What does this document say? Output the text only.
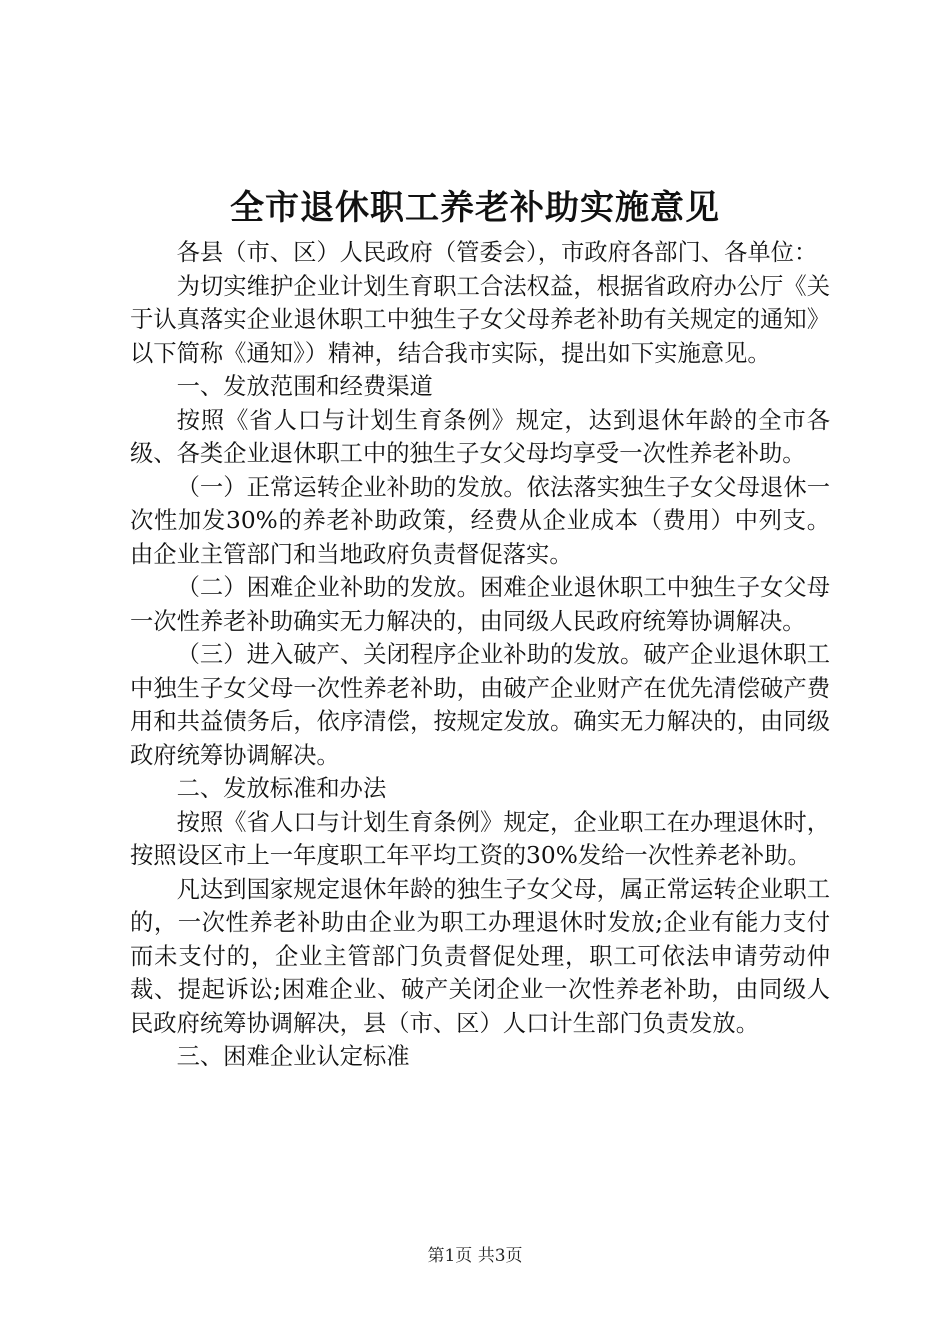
全市退休职工养老补助实施意见

各县（市、区）人民政府（管委会），市政府各部门、各单位：

为切实维护企业计划生育职工合法权益，根据省政府办公厅《关于认真落实企业退休职工中独生子女父母养老补助有关规定的通知》以下简称《通知》）精神，结合我市实际，提出如下实施意见。

一、发放范围和经费渠道

按照《省人口与计划生育条例》规定，达到退休年龄的全市各级、各类企业退休职工中的独生子女父母均享受一次性养老补助。

（一）正常运转企业补助的发放。依法落实独生子女父母退休一次性加发30%的养老补助政策，经费从企业成本（费用）中列支。由企业主管部门和当地政府负责督促落实。

（二）困难企业补助的发放。困难企业退休职工中独生子女父母一次性养老补助确实无力解决的，由同级人民政府统筹协调解决。

（三）进入破产、关闭程序企业补助的发放。破产企业退休职工中独生子女父母一次性养老补助，由破产企业财产在优先清偿破产费用和共益债务后，依序清偿，按规定发放。确实无力解决的，由同级政府统筹协调解决。

二、发放标准和办法

按照《省人口与计划生育条例》规定，企业职工在办理退休时，按照设区市上一年度职工年平均工资的30%发给一次性养老补助。

凡达到国家规定退休年龄的独生子女父母，属正常运转企业职工的，一次性养老补助由企业为职工办理退休时发放;企业有能力支付而未支付的，企业主管部门负责督促处理，职工可依法申请劳动仲裁、提起诉讼;困难企业、破产关闭企业一次性养老补助，由同级人民政府统筹协调解决，县（市、区）人口计生部门负责发放。

三、困难企业认定标准

第1页 共3页
